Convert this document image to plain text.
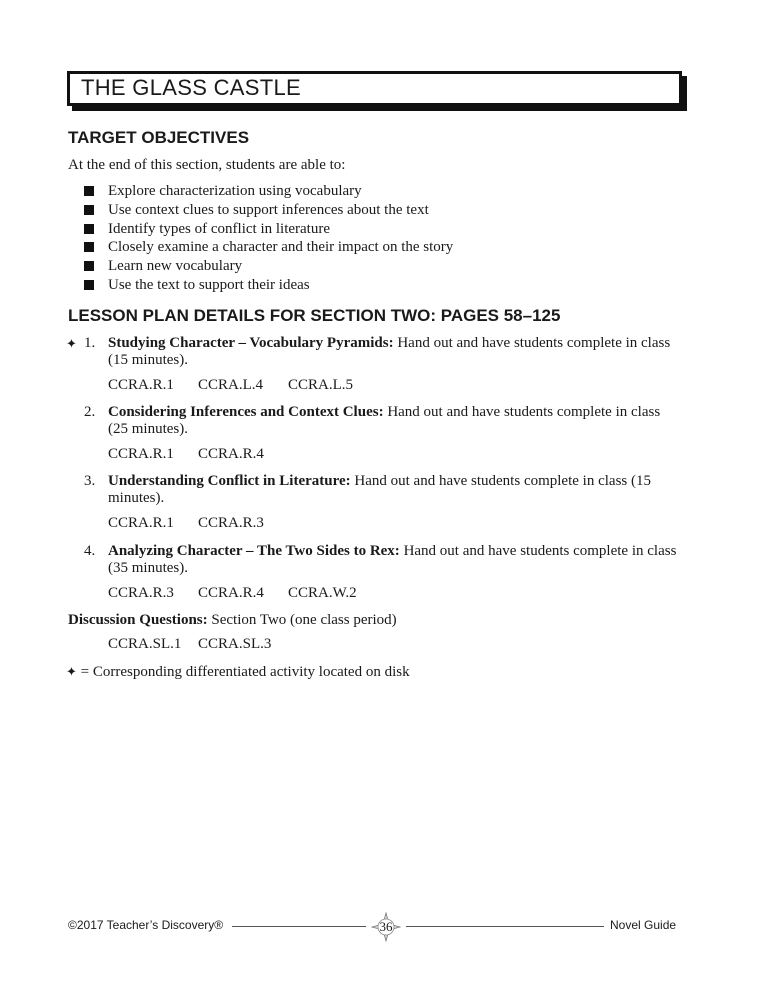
THE GLASS CASTLE
TARGET OBJECTIVES
At the end of this section, students are able to:
Explore characterization using vocabulary
Use context clues to support inferences about the text
Identify types of conflict in literature
Closely examine a character and their impact on the story
Learn new vocabulary
Use the text to support their ideas
LESSON PLAN DETAILS FOR SECTION TWO: PAGES 58–125
✦ 1. Studying Character – Vocabulary Pyramids: Hand out and have students complete in class (15 minutes).
CCRA.R.1 CCRA.L.4 CCRA.L.5
2. Considering Inferences and Context Clues: Hand out and have students complete in class (25 minutes).
CCRA.R.1 CCRA.R.4
3. Understanding Conflict in Literature: Hand out and have students complete in class (15 minutes).
CCRA.R.1 CCRA.R.3
4. Analyzing Character – The Two Sides to Rex: Hand out and have students complete in class (35 minutes).
CCRA.R.3 CCRA.R.4 CCRA.W.2
Discussion Questions: Section Two (one class period)
CCRA.SL.1 CCRA.SL.3
✦ = Corresponding differentiated activity located on disk
©2017 Teacher’s Discovery®	36	Novel Guide
